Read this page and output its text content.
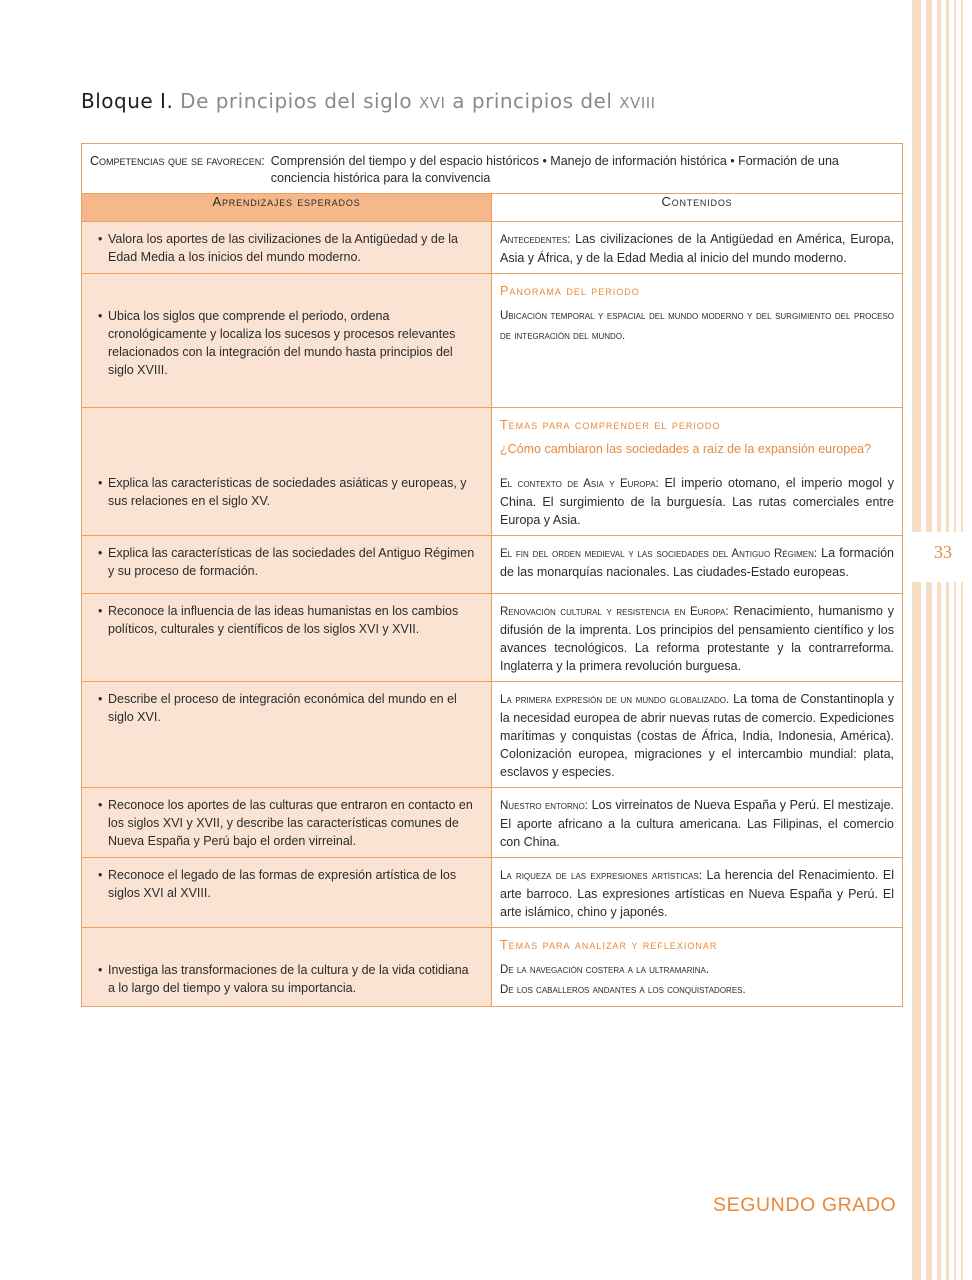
33
Bloque I. De principios del siglo XVI a principios del XVIII
Competencias que se favorecen: Comprensión del tiempo y del espacio históricos • Manejo de información histórica • Formación de una conciencia histórica para la convivencia	

Aprendizajes esperados	Contenidos

• Valora los aportes de las civilizaciones de la Antigüedad y de la Edad Media a los inicios del mundo moderno.	Antecedentes: Las civilizaciones de la Antigüedad en América, Europa, Asia y África, y de la Edad Media al inicio del mundo moderno.

• Ubica los siglos que comprende el periodo, ordena cronológicamente y localiza los sucesos y procesos relevantes relacionados con la integración del mundo hasta principios del siglo XVIII.	Panorama del periodo
Ubicación temporal y espacial del mundo moderno y del surgimiento del proceso de integración del mundo.

• Explica las características de sociedades asiáticas y europeas, y sus relaciones en el siglo XV.	Temas para comprender el periodo
¿Cómo cambiaron las sociedades a raíz de la expansión europea?
El contexto de Asia y Europa: El imperio otomano, el imperio mogol y China. El surgimiento de la burguesía. Las rutas comerciales entre Europa y Asia.

• Explica las características de las sociedades del Antiguo Régimen y su proceso de formación.	El fin del orden medieval y las sociedades del Antiguo Régimen: La formación de las monarquías nacionales. Las ciudades-Estado europeas.

• Reconoce la influencia de las ideas humanistas en los cambios políticos, culturales y científicos de los siglos XVI y XVII.	Renovación cultural y resistencia en Europa: Renacimiento, humanismo y difusión de la imprenta. Los principios del pensamiento científico y los avances tecnológicos. La reforma protestante y la contrarreforma. Inglaterra y la primera revolución burguesa.

• Describe el proceso de integración económica del mundo en el siglo XVI.	La primera expresión de un mundo globalizado. La toma de Constantinopla y la necesidad europea de abrir nuevas rutas de comercio. Expediciones marítimas y conquistas (costas de África, India, Indonesia, América). Colonización europea, migraciones y el intercambio mundial: plata, esclavos y especies.

• Reconoce los aportes de las culturas que entraron en contacto en los siglos XVI y XVII, y describe las características comunes de Nueva España y Perú bajo el orden virreinal.	Nuestro entorno: Los virreinatos de Nueva España y Perú. El mestizaje. El aporte africano a la cultura americana. Las Filipinas, el comercio con China.

• Reconoce el legado de las formas de expresión artística de los siglos XVI al XVIII.	La riqueza de las expresiones artísticas: La herencia del Renacimiento. El arte barroco. Las expresiones artísticas en Nueva España y Perú. El arte islámico, chino y japonés.

• Investiga las transformaciones de la cultura y de la vida cotidiana a lo largo del tiempo y valora su importancia.	Temas para analizar y reflexionar
De la navegación costera a la ultramarina.
De los caballeros andantes a los conquistadores.
SEGUNDO GRADO
